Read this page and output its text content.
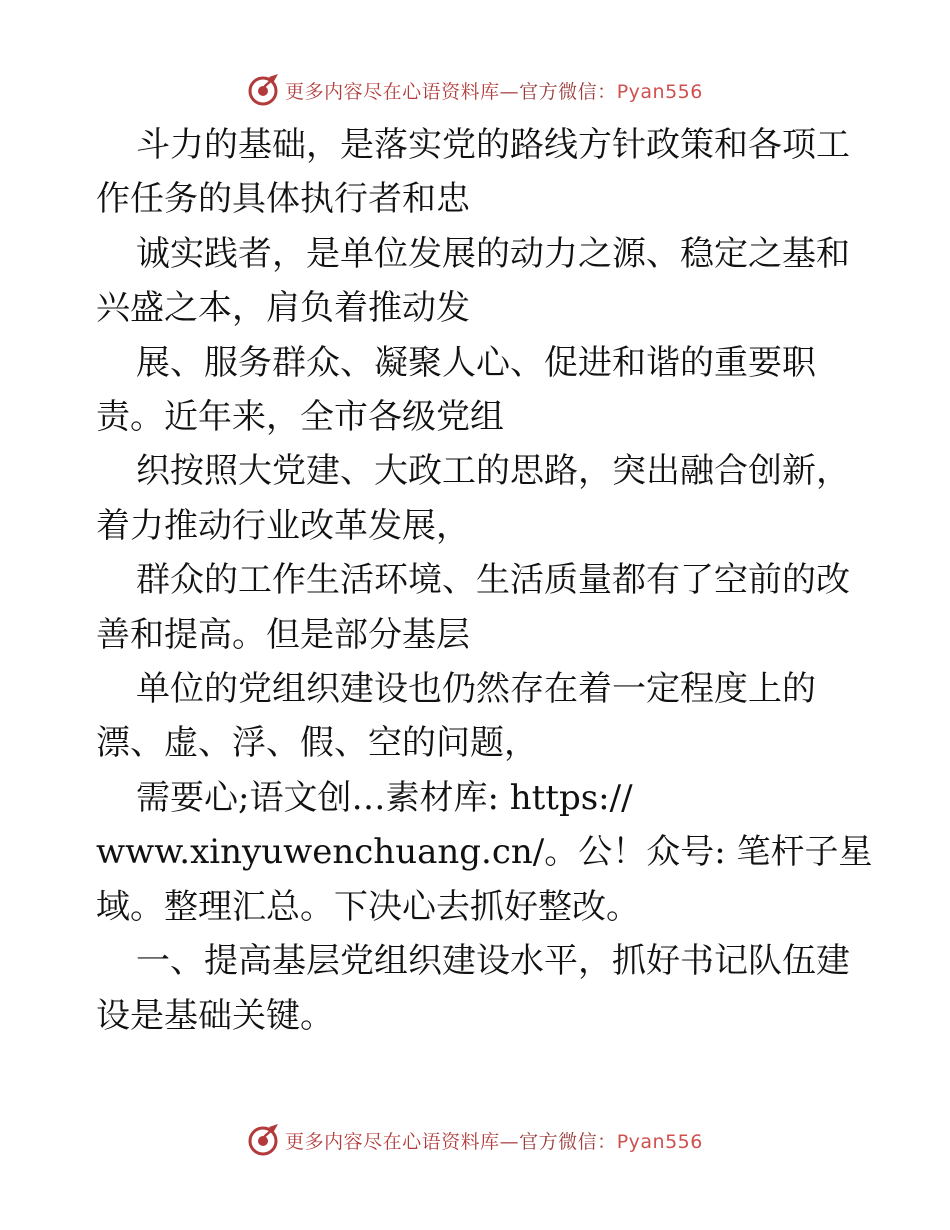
更多内容尽在心语资料库—官方微信：Pyan556

斗力的基础，是落实党的路线方针政策和各项工

作任务的具体执行者和忠

诚实践者，是单位发展的动力之源、稳定之基和

兴盛之本，肩负着推动发

展、服务群众、凝聚人心、促进和谐的重要职

责。近年来，全市各级党组

织按照大党建、大政工的思路，突出融合创新，

着力推动行业改革发展，

群众的工作生活环境、生活质量都有了空前的改

善和提高。但是部分基层

单位的党组织建设也仍然存在着一定程度上的

漂、虚、浮、假、空的问题，

需要心;语文创…素材库: https://

www.xinyuwenchuang.cn/。公！众号: 笔杆子星

域。整理汇总。下决心去抓好整改。

一、提高基层党组织建设水平，抓好书记队伍建

设是基础关键。

更多内容尽在心语资料库—官方微信：Pyan556
